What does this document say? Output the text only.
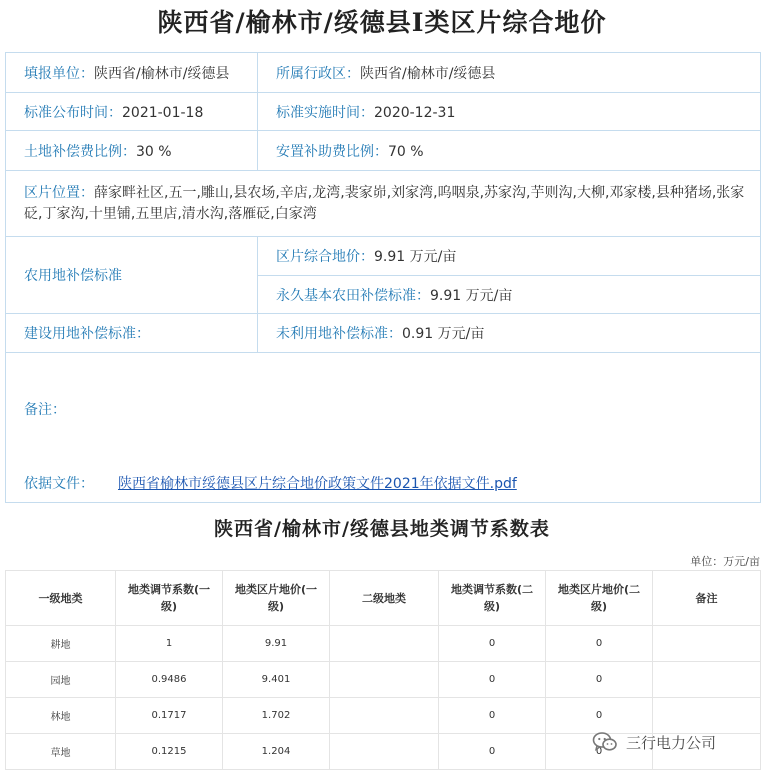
陕西省/榆林市/绥德县Ⅰ类区片综合地价
填报单位：陕西省/榆林市/绥德县	所属行政区：陕西省/榆林市/绥德县
标准公布时间：2021-01-18	标准实施时间：2020-12-31
土地补偿费比例：30 %	安置补助费比例：70 %
区片位置：薛家畔社区,五一,雕山,县农场,辛店,龙湾,裴家峁,刘家湾,呜咽泉,苏家沟,芋则沟,大柳,邓家楼,县种猪场,张家砭,丁家沟,十里铺,五里店,清水沟,落雁砭,白家湾	
农用地补偿标准	区片综合地价：9.91 万元/亩
	永久基本农田补偿标准：9.91 万元/亩
建设用地补偿标准：	未利用地补偿标准：0.91 万元/亩
备注：	
依据文件： 陕西省榆林市绥德县区片综合地价政策文件2021年依据文件.pdf	
陕西省/榆林市/绥德县地类调节系数表
单位：万元/亩
一级地类	地类调节系数(一级)	地类区片地价(一级)	二级地类	地类调节系数(二级)	地类区片地价(二级)	备注
耕地	1	9.91		0	0	
园地	0.9486	9.401		0	0	
林地	0.1717	1.702		0	0	
草地	0.1215	1.204		0	0	三行电力公司
